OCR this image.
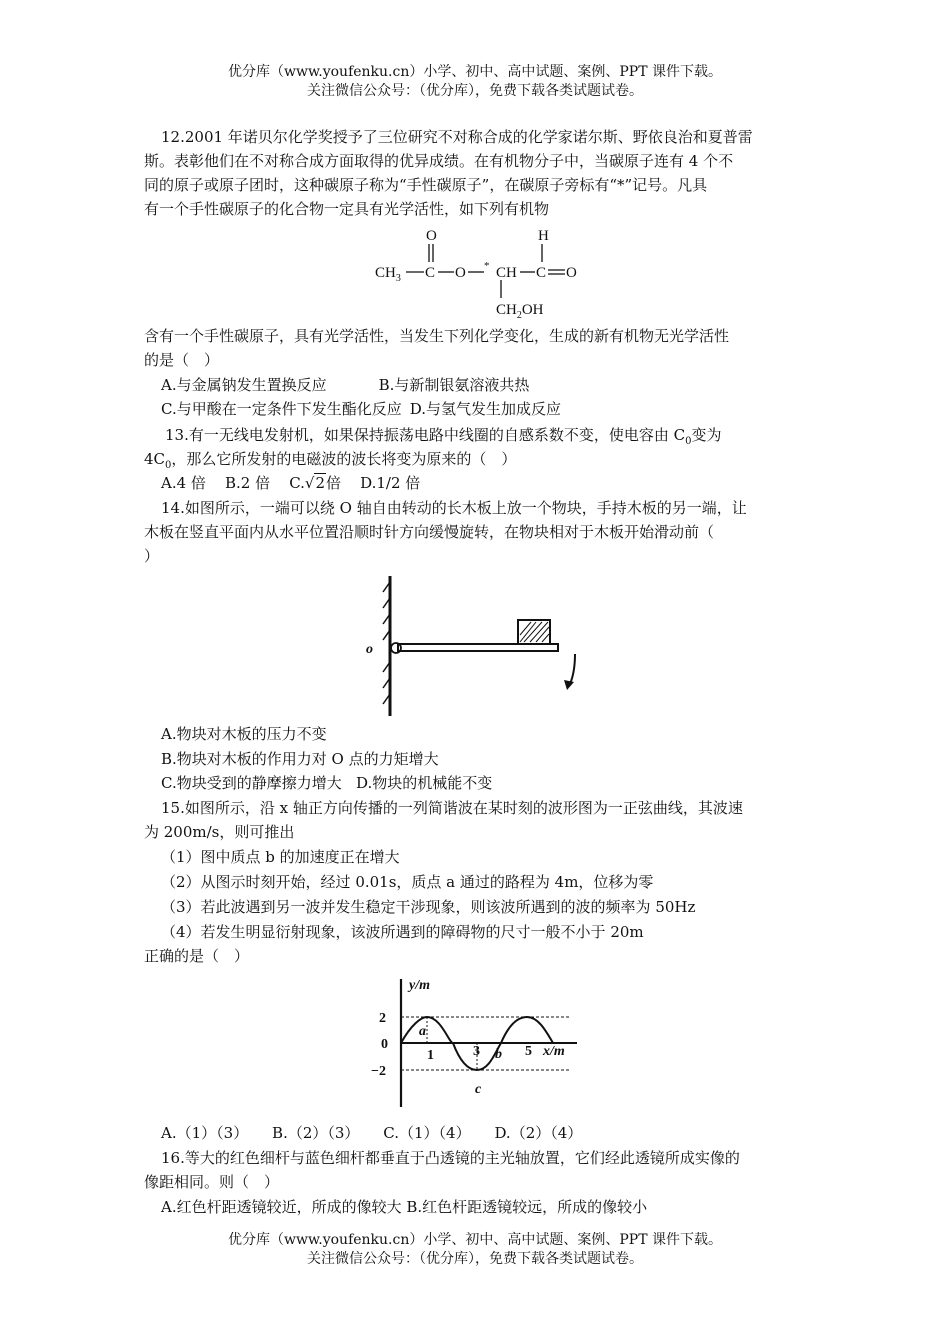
优分库（www.youfenku.cn）小学、初中、高中试题、案例、PPT 课件下载。
关注微信公众号：（优分库），免费下载各类试题试卷。
12.2001 年诺贝尔化学奖授予了三位研究不对称合成的化学家诺尔斯、野依良治和夏普雷
斯。表彰他们在不对称合成方面取得的优异成绩。在有机物分子中，当碳原子连有 4 个不
同的原子或原子团时，这种碳原子称为“手性碳原子”，在碳原子旁标有“*”记号。凡具
有一个手性碳原子的化合物一定具有光学活性，如下列有机物
O	H
$CH_3$ C O * CH C O
$CH_2OH$
含有一个手性碳原子，具有光学活性，当发生下列化学变化，生成的新有机物无光学活性
的是（　）
A.与金属钠发生置换反应	B.与新制银氨溶液共热
C.与甲酸在一定条件下发生酯化反应 D.与氢气发生加成反应
13.有一无线电发射机，如果保持振荡电路中线圈的自感系数不变，使电容由 $C_0$变为
$4C_0$，那么它所发射的电磁波的波长将变为原来的（　）
A.4 倍 B.2 倍 C.√2倍 D.1/2 倍
14.如图所示，一端可以绕 O 轴自由转动的长木板上放一个物块，手持木板的另一端，让
木板在竖直平面内从水平位置沿顺时针方向缓慢旋转，在物块相对于木板开始滑动前（
）
o
A.物块对木板的压力不变
B.物块对木板的作用力对 O 点的力矩增大
C.物块受到的静摩擦力增大 D.物块的机械能不变
15.如图所示，沿 x 轴正方向传播的一列简谐波在某时刻的波形图为一正弦曲线，其波速
为 200m/s，则可推出
（1）图中质点 b 的加速度正在增大
（2）从图示时刻开始，经过 0.01s，质点 a 通过的路程为 4m，位移为零
（3）若此波遇到另一波并发生稳定干涉现象，则该波所遇到的波的频率为 50Hz
（4）若发生明显衍射现象，该波所遇到的障碍物的尺寸一般不小于 20m
正确的是（　）
y/m
x/m
2
0
−2
1	3	5
a
b
c
A.（1）（3） B.（2）（3） C.（1）（4） D.（2）（4）
16.等大的红色细杆与蓝色细杆都垂直于凸透镜的主光轴放置，它们经此透镜所成实像的
像距相同。则（　）
A.红色杆距透镜较近，所成的像较大 B.红色杆距透镜较远，所成的像较小
优分库（www.youfenku.cn）小学、初中、高中试题、案例、PPT 课件下载。
关注微信公众号：（优分库），免费下载各类试题试卷。
